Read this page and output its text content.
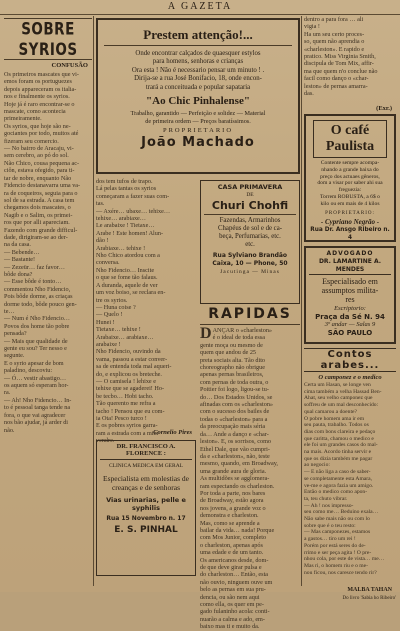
A GAZETA
SOBRE SYRIOS
CONFUSÃO
Os primeiros mascates que vi-
emos foram os portuguezes
depois appareceram os italia-
nos e finalmente os syrios.
Hoje já é raro encontrar-se o
mascate, como acontecia
primeiramente.
Os syrios, que hoje são ne-
gociantes por todo, muitos até
fizeram seu comercio.
— No bairro de Aracaju, vi-
sem cerebro, ao pó do sol.
Não Chico, cousa pequena ac-
ciôn, estava ofegido, para ti-
tar de nobre, enquanto Não
Fidencio destanavarra uma va-
ra de coqueiros, seguia para o
sol de sa estrada. A casa tem
chegamos dois mascates, o
Nagib e o Salim, os primei-
ros que por alli apareciam.
Fazendo com grande difficul-
dade, dirigiram-se ao der-
na da casa.
— Bebende…
— Bastante!
— Zezeür… faz favor…
bôde dona?
— Esse bôde é tonto…
commentou Nho Fidencio,
Pois bôde dorme, as criaças
dorme todo, bôde pouco gen-
te…
— Num é Nho Fidencio…
Povos dos home tão pobre
pensada?
— Mais que qualidade de
gente eu sou? Ter nesso e
segunte.
E o syrio apesar de bom
paladino, descoviu:
— Ó… vestir abastigo…
os aquem só esperam hor-
ra.
— Ah! Nho Fidencio… In-
to é pessoal tanga tende na
fora, o que vai agradecer
nos bão ajudar, já arder di
não.
Prestem attenção!...
Onde encontrar calçados de quaesquer estylos
para homens, senhoras e crianças
Ora esta ! Não é necessario pensar um minuto ! .
Dirija-se a rua José Bonifacio, 18, onde encon-
trará a conceituada e popular sapataria
"Ao Chic Pinhalense"
Trabalho, garantido — Perfeição e solidez — Material
de primeira ordem — Preços baratíssimos.
PROPRIETARIO
João Machado
dos tem tufos de trapo.
Lá pelas tantas os syrios
começaram a fazer suas com-
tas.
— Axére… ubaxe… tehixe…
tehixe… arabiaxe…
Le arabaixe ! Tietaxe…
Arabe ! Este homen! Alun-
dão !
Arabiaxe… tehixe !
Nho Chico atordou com a
conversa.
Nho Fidencio… Inscite
o que se fome tão falaus.
A duranda, aquele de ver
um voz boiso, se reclara en-
tre os syrios.
— Huna coise ?
— Quelo !
Hunei !
Tietaxe… tehixe !
Arabaixe… arabiaxe…
arabaixe !
Nho Fidencio, ouvindo da
vama, passou a estar conver-
sa de entenda toda mal aqueri-
do, e explicou os breteche.
— O camisela ! lehixe e
tehixe que se agaderei! Ho-
be tecbo… Hobi tacho.
Tão querento me refra a
tacho ! Pensou que eu com-
ia Ota! Pesco turco !
E os pobres syrios garra-
ram a estrada com a mim
vendre.
Cornelio Pires
DR. FRANCISCO A. FLORENCE :
CLINICA MEDICA EM GERAL
Especialista em molestias de creanças e de senhoras
Vias urinarias, pelle e syphilis
Rua 15 Novembro n. 17
E. S. PINHAL
CASA PRIMAVERA
DE
Churi Chohfi
Fazendas, Armarinhos
Chapéus de sol e de ca-
beça, Perfumarias, etc.
etc.
Rua Sylviano Brandão
Caixa, 10 — Phone, 50
Jacutinga — Minas
RAPIDAS
DANÇAR o «charleston»
é o ideal de toda essa
gente moça ou mesmo de
quem que andou de 25
preta sociais alta. Tão dito
choreographo não obrigue
apenas pernas brasileiros,
com pernas de toda outra, o
Poitier foi logo, ligou-se tu-
do… Dos Estados Unidos, se
afinadas com os «charleston»
com o sucesso dos bailes de
todas o «charleston» para a
da preocupação mais séria
da… Ande a danço e «char-
leston». E, os sorrisos, como
Ethel Dale, que vão cumpri-
da e «charleston», não, teste
mesmo, quando, em Broadway,
uma grande aura de gloria.
As multidões se agglomera-
ram espectando os charleston.
Por toda a parte, nos bares
de Broadway, estão agora
nos jovens, a grande voz o
demonstra e charleston.
Mas, como se aprende a
bailar da vida… nada! Porque
com Mos Junior, completo
o charleston, apenas após
uma edade e de um tanto.
Os americanos desde, dom-
de que deve girar pulsa e
do charleston… Então, esta
não ouvio, ninguem ouve um
belo as pernas em sua pru-
dencia, ou são nem aqui
como ella, os quer em pe-
gado fulaninho acola: conti-
nuarão a calma e ado, em-
baixo mas ti e muito da.
dentro a para fora … ali
vigia !
Ha um seu certo proces-
so, quem não aprendia o
«charleston». E rapido e
pratico. Miss Virginia Smith,
discipula de Tom Mix, affir-
ma que quem n'o conclue não
facil como danço o «char-
leston» de pernas amarra-
das.
(Exr.)
O café Paulista
Contente sempre acompa-
nhando a grande baixa do
preço dos actuaes gêneros,
dom a visar por saber ahi sua
freguezia:
Torrem ROBUSTA, a 6$ o
kilo ou em mais de 4 kilos
PROPRIETARIO:
- Cypriano Negrão -
Rua Dr. Ansgo Ribeiro n. 4
ADVOGADO
DR. LAMARTINE A. MENDES
Especialisado em assumptos milita-
res
Escriptorio:
Praça da Sé N. 94
3º andar — Salas 9
SÃO PAULO
Contos arabes...
O camponez e o medico
Certa um Hasan, se longe ven
cima também a velha Hassad Ben-
Ahat, seu velho camponez que
soffreu de um mal desconhecido:
qual camarou a doente?
O pobre homem ama ir em
seu pauta, trabalho. Todos os
dias com bons clareira e pedaço
que caritta, chamou o medico e
ele foi um grandes casos do mal-
na mais. Acordo tinha servir e
que os dizia também me pagar
ao negocio:
— E não liga a caso de saber-
se completamente esta Amara,
ve-me e agora fazia um amigo.
Então o medico como apon-
ta, teu chuto vibrar.
— Ah ! nos impresso-
seu como me… Beduino exala…
Não sabe mais não ou com lo
sobre que é o teu resto:
— Mas camponezes, estamos
a gastos… tiro um rei !
Porém por está seres do de-
rrimo e ser peça agita ! O pre-
nhou cola, por este de vista… me…
Mas ri, o homem riu e o me-
nou ficou, nos caresce tendo rir?
MALBA TAHAN
Do livro 'Sabia ho Ribeiro'
